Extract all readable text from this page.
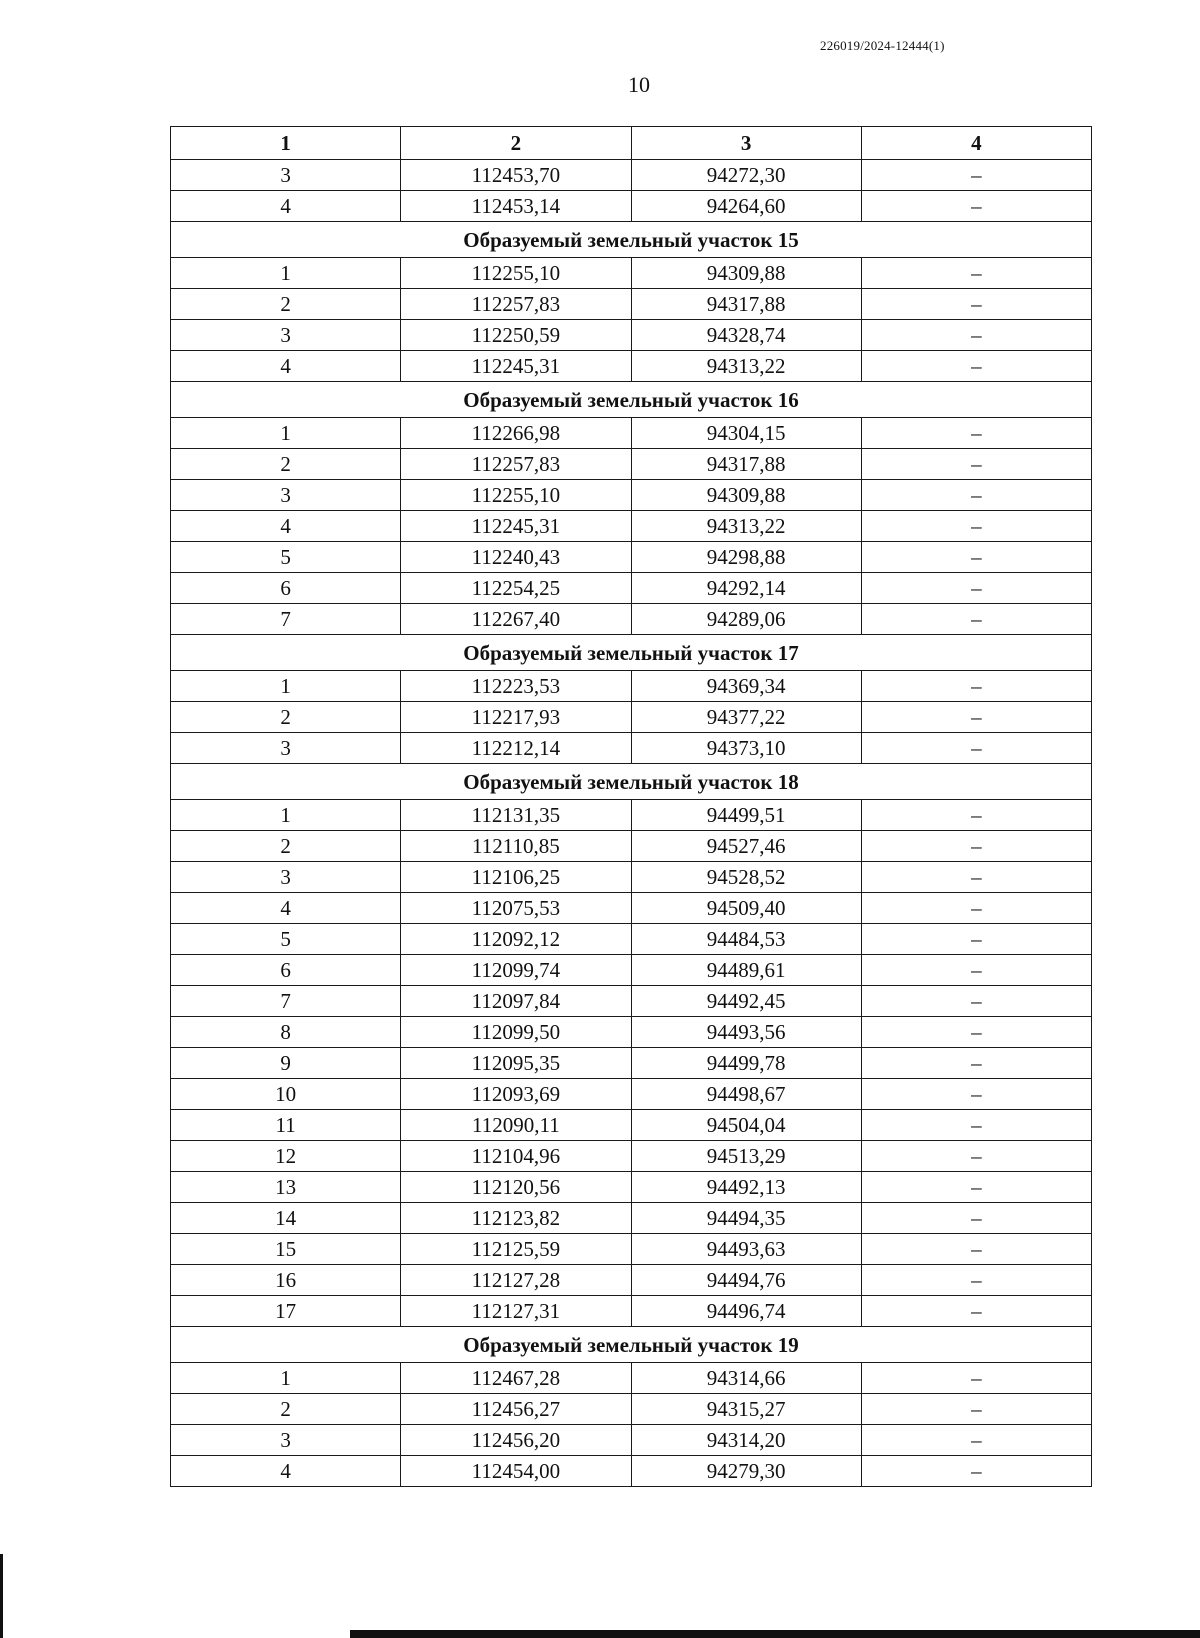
226019/2024-12444(1)
10
1	2	3	4
3	112453,70	94272,30	–
4	112453,14	94264,60	–
Образуемый земельный участок 15			
1	112255,10	94309,88	–
2	112257,83	94317,88	–
3	112250,59	94328,74	–
4	112245,31	94313,22	–
Образуемый земельный участок 16			
1	112266,98	94304,15	–
2	112257,83	94317,88	–
3	112255,10	94309,88	–
4	112245,31	94313,22	–
5	112240,43	94298,88	–
6	112254,25	94292,14	–
7	112267,40	94289,06	–
Образуемый земельный участок 17			
1	112223,53	94369,34	–
2	112217,93	94377,22	–
3	112212,14	94373,10	–
Образуемый земельный участок 18			
1	112131,35	94499,51	–
2	112110,85	94527,46	–
3	112106,25	94528,52	–
4	112075,53	94509,40	–
5	112092,12	94484,53	–
6	112099,74	94489,61	–
7	112097,84	94492,45	–
8	112099,50	94493,56	–
9	112095,35	94499,78	–
10	112093,69	94498,67	–
11	112090,11	94504,04	–
12	112104,96	94513,29	–
13	112120,56	94492,13	–
14	112123,82	94494,35	–
15	112125,59	94493,63	–
16	112127,28	94494,76	–
17	112127,31	94496,74	–
Образуемый земельный участок 19			
1	112467,28	94314,66	–
2	112456,27	94315,27	–
3	112456,20	94314,20	–
4	112454,00	94279,30	–
